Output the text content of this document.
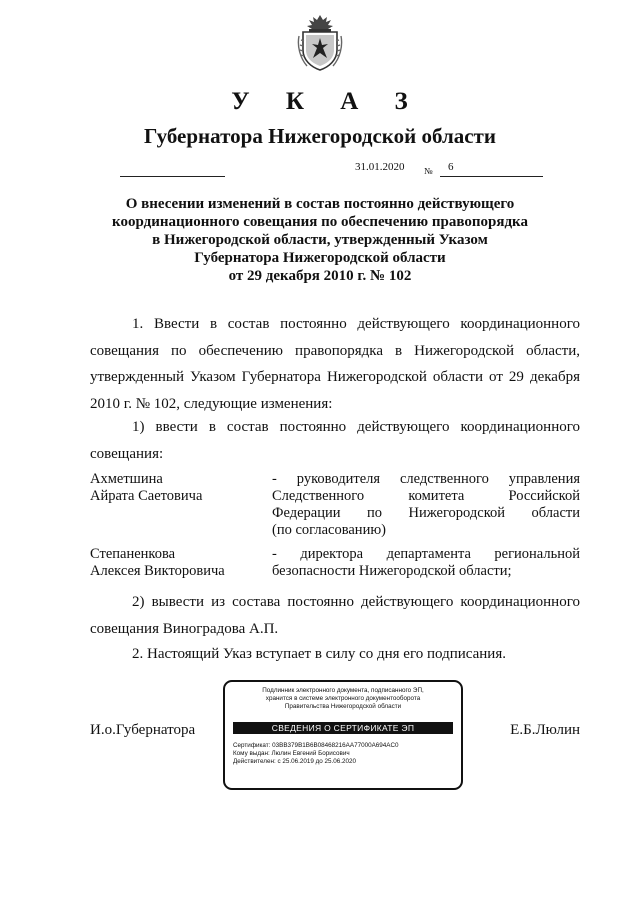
У К А З
Губернатора Нижегородской области
31.01.2020 № 6
О внесении изменений в состав постоянно действующего
координационного совещания по обеспечению правопорядка
в Нижегородской области, утвержденный Указом
Губернатора Нижегородской области
от 29 декабря 2010 г. № 102
1. Ввести в состав постоянно действующего координационного
совещания по обеспечению правопорядка в Нижегородской области,
утвержденный Указом Губернатора Нижегородской области от 29 декабря
2010 г. № 102, следующие изменения:
1) ввести в состав постоянно действующего координационного
совещания:
Ахметшина
Айрата Саетовича
- руководителя следственного управления
Следственного комитета Российской
Федерации по Нижегородской области
(по согласованию)
Степаненкова
Алексея Викторовича
- директора департамента региональной
безопасности Нижегородской области;
2) вывести из состава постоянно действующего координационного
совещания Виноградова А.П.
2. Настоящий Указ вступает в силу со дня его подписания.
И.о.Губернатора	Е.Б.Люлин
Подлинник электронного документа, подписанного ЭП,
хранится в системе электронного документооборота
Правительства Нижегородской области
СВЕДЕНИЯ О СЕРТИФИКАТЕ ЭП
Сертификат: 03BB379B1B6B08468216AA77000A694AC0
Кому выдан: Люлин Евгений Борисович
Действителен: с 25.06.2019 до 25.06.2020
